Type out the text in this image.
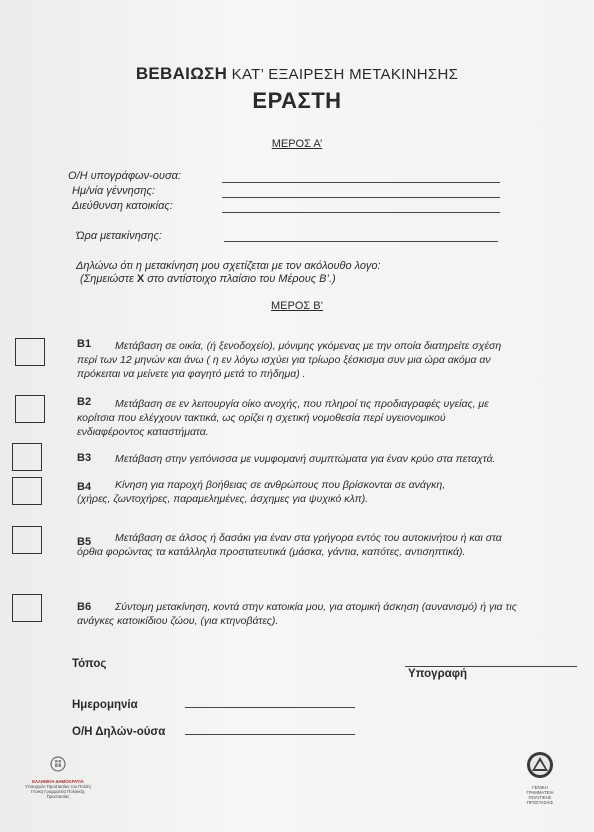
ΒΕΒΑΙΩΣΗ ΚΑΤ’ ΕΞΑΙΡΕΣΗ ΜΕΤΑΚΙΝΗΣΗΣ
ΕΡΑΣΤΗ
ΜΕΡΟΣ Α’
Ο/Η υπογράφων-ουσα:
Ημ/νία γέννησης:
Διεύθυνση κατοικίας:
Ώρα μετακίνησης:
Δηλώνω ότι η μετακίνηση μου σχετίζεται με τον ακόλουθο λογο:
(Σημειώστε Χ στο αντίστοιχο πλαίσιο του Μέρους Β’.)
ΜΕΡΟΣ Β’
Β1 Μετάβαση σε οικία, (ή ξενοδοχείο), μόνιμης γκόμενας με την οποία διατηρείτε σχέση
περί των 12 μηνών και άνω ( η εν λόγω ισχύει για τρίωρο ξέσκισμα συν μια ώρα ακόμα αν
πρόκειται να μείνετε για φαγητό μετά το πήδημα) .
Β2 Μετάβαση σε εν λειτουργία οίκο ανοχής, που πληροί τις προδιαγραφές υγείας, με
κορίτσια που ελέγχουν τακτικά, ως ορίζει η σχετική νομοθεσία περί υγειονομικού
ενδιαφέροντος καταστήματα.
Β3 Μετάβαση στην γειτόνισσα με νυμφομανή συμπτώματα για έναν κρύο στα πεταχτά.
Β4 Κίνηση για παροχή βοήθειας σε ανθρώπους που βρίσκονται σε ανάγκη,
(χήρες, ζωντοχήρες, παραμελημένες, άσχημες για ψυχικό κλπ).
Β5 Μετάβαση σε άλσος ή δασάκι για έναν στα γρήγορα εντός του αυτοκινήτου ή και στα
όρθια φορώντας τα κατάλληλα προστατευτικά (μάσκα, γάντια, καπότες, αντισηπτικά).
Β6 Σύντομη μετακίνηση, κοντά στην κατοικία μου, για ατομική άσκηση (αυνανισμό) ή για τις
ανάγκες κατοικίδιου ζώου, (για κτηνοβάτες).
Τόπος
Υπογραφή
Ημερομηνία
Ο/Η Δηλών-ούσα
ΕΛΛΗΝΙΚΗ ΔΗΜΟΚΡΑΤΙΑ
Υπουργείο Προστασίας του Πολίτη
Γενική Γραμματεία Πολιτικής Προστασίας
ΓΕΝΙΚΗ ΓΡΑΜΜΑΤΕΙΑ
ΠΟΛΙΤΙΚΗΣ ΠΡΟΣΤΑΣΙΑΣ
